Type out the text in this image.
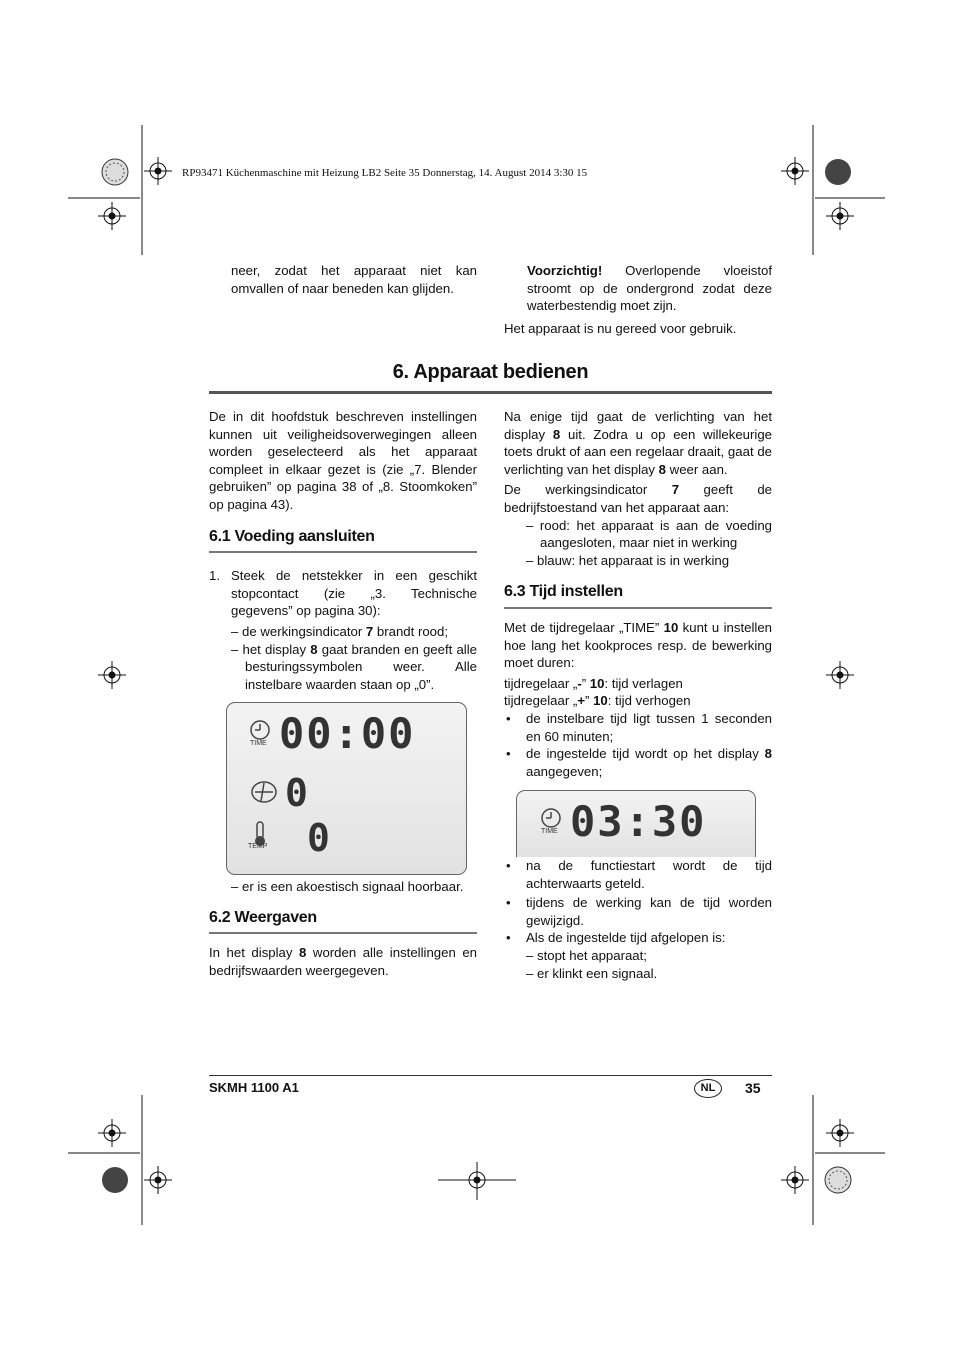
RP93471 Küchenmaschine mit Heizung LB2 Seite 35 Donnerstag, 14. August 2014 3:30 15
neer, zodat het apparaat niet kan omvallen of naar beneden kan glijden.
Voorzichtig! Overlopende vloeistof stroomt op de ondergrond zodat deze waterbestendig moet zijn.
Het apparaat is nu gereed voor gebruik.
6. Apparaat bedienen

De in dit hoofdstuk beschreven instellingen kunnen uit veiligheidsoverwegingen alleen worden geselecteerd als het apparaat compleet in elkaar gezet is (zie „7. Blender gebruiken” op pagina 38 of „8. Stoomkoken” op pagina 43).

6.1 Voeding aansluiten
1. Steek de netstekker in een geschikt stopcontact (zie „3. Technische gegevens” op pagina 30):

– de werkingsindicator 7 brandt rood;

– het display 8 gaat branden en geeft alle besturingssymbolen weer. Alle instelbare waarden staan op „0”.

TIME 00:00
0
TEMP 0

– er is een akoestisch signaal hoorbaar.

6.2 Weergaven

In het display 8 worden alle instellingen en bedrijfswaarden weergegeven.

Na enige tijd gaat de verlichting van het display 8 uit. Zodra u op een willekeurige toets drukt of aan een regelaar draait, gaat de verlichting van het display 8 weer aan.

De werkingsindicator 7 geeft de bedrijfstoestand van het apparaat aan:

– rood: het apparaat is aan de voeding aangesloten, maar niet in werking

– blauw: het apparaat is in werking

6.3 Tijd instellen

Met de tijdregelaar „TIME” 10 kunt u instellen hoe lang het kookproces resp. de bewerking moet duren:

tijdregelaar „-” 10: tijd verlagen

tijdregelaar „+” 10: tijd verhogen

• de instelbare tijd ligt tussen 1 seconden en 60 minuten;

• de ingestelde tijd wordt op het display 8 aangegeven;

TIME 03:30

• na de functiestart wordt de tijd achterwaarts geteld.

• tijdens de werking kan de tijd worden gewijzigd.

• Als de ingestelde tijd afgelopen is:

– stopt het apparaat;

– er klinkt een signaal.

SKMH 1100 A1	NL	35
